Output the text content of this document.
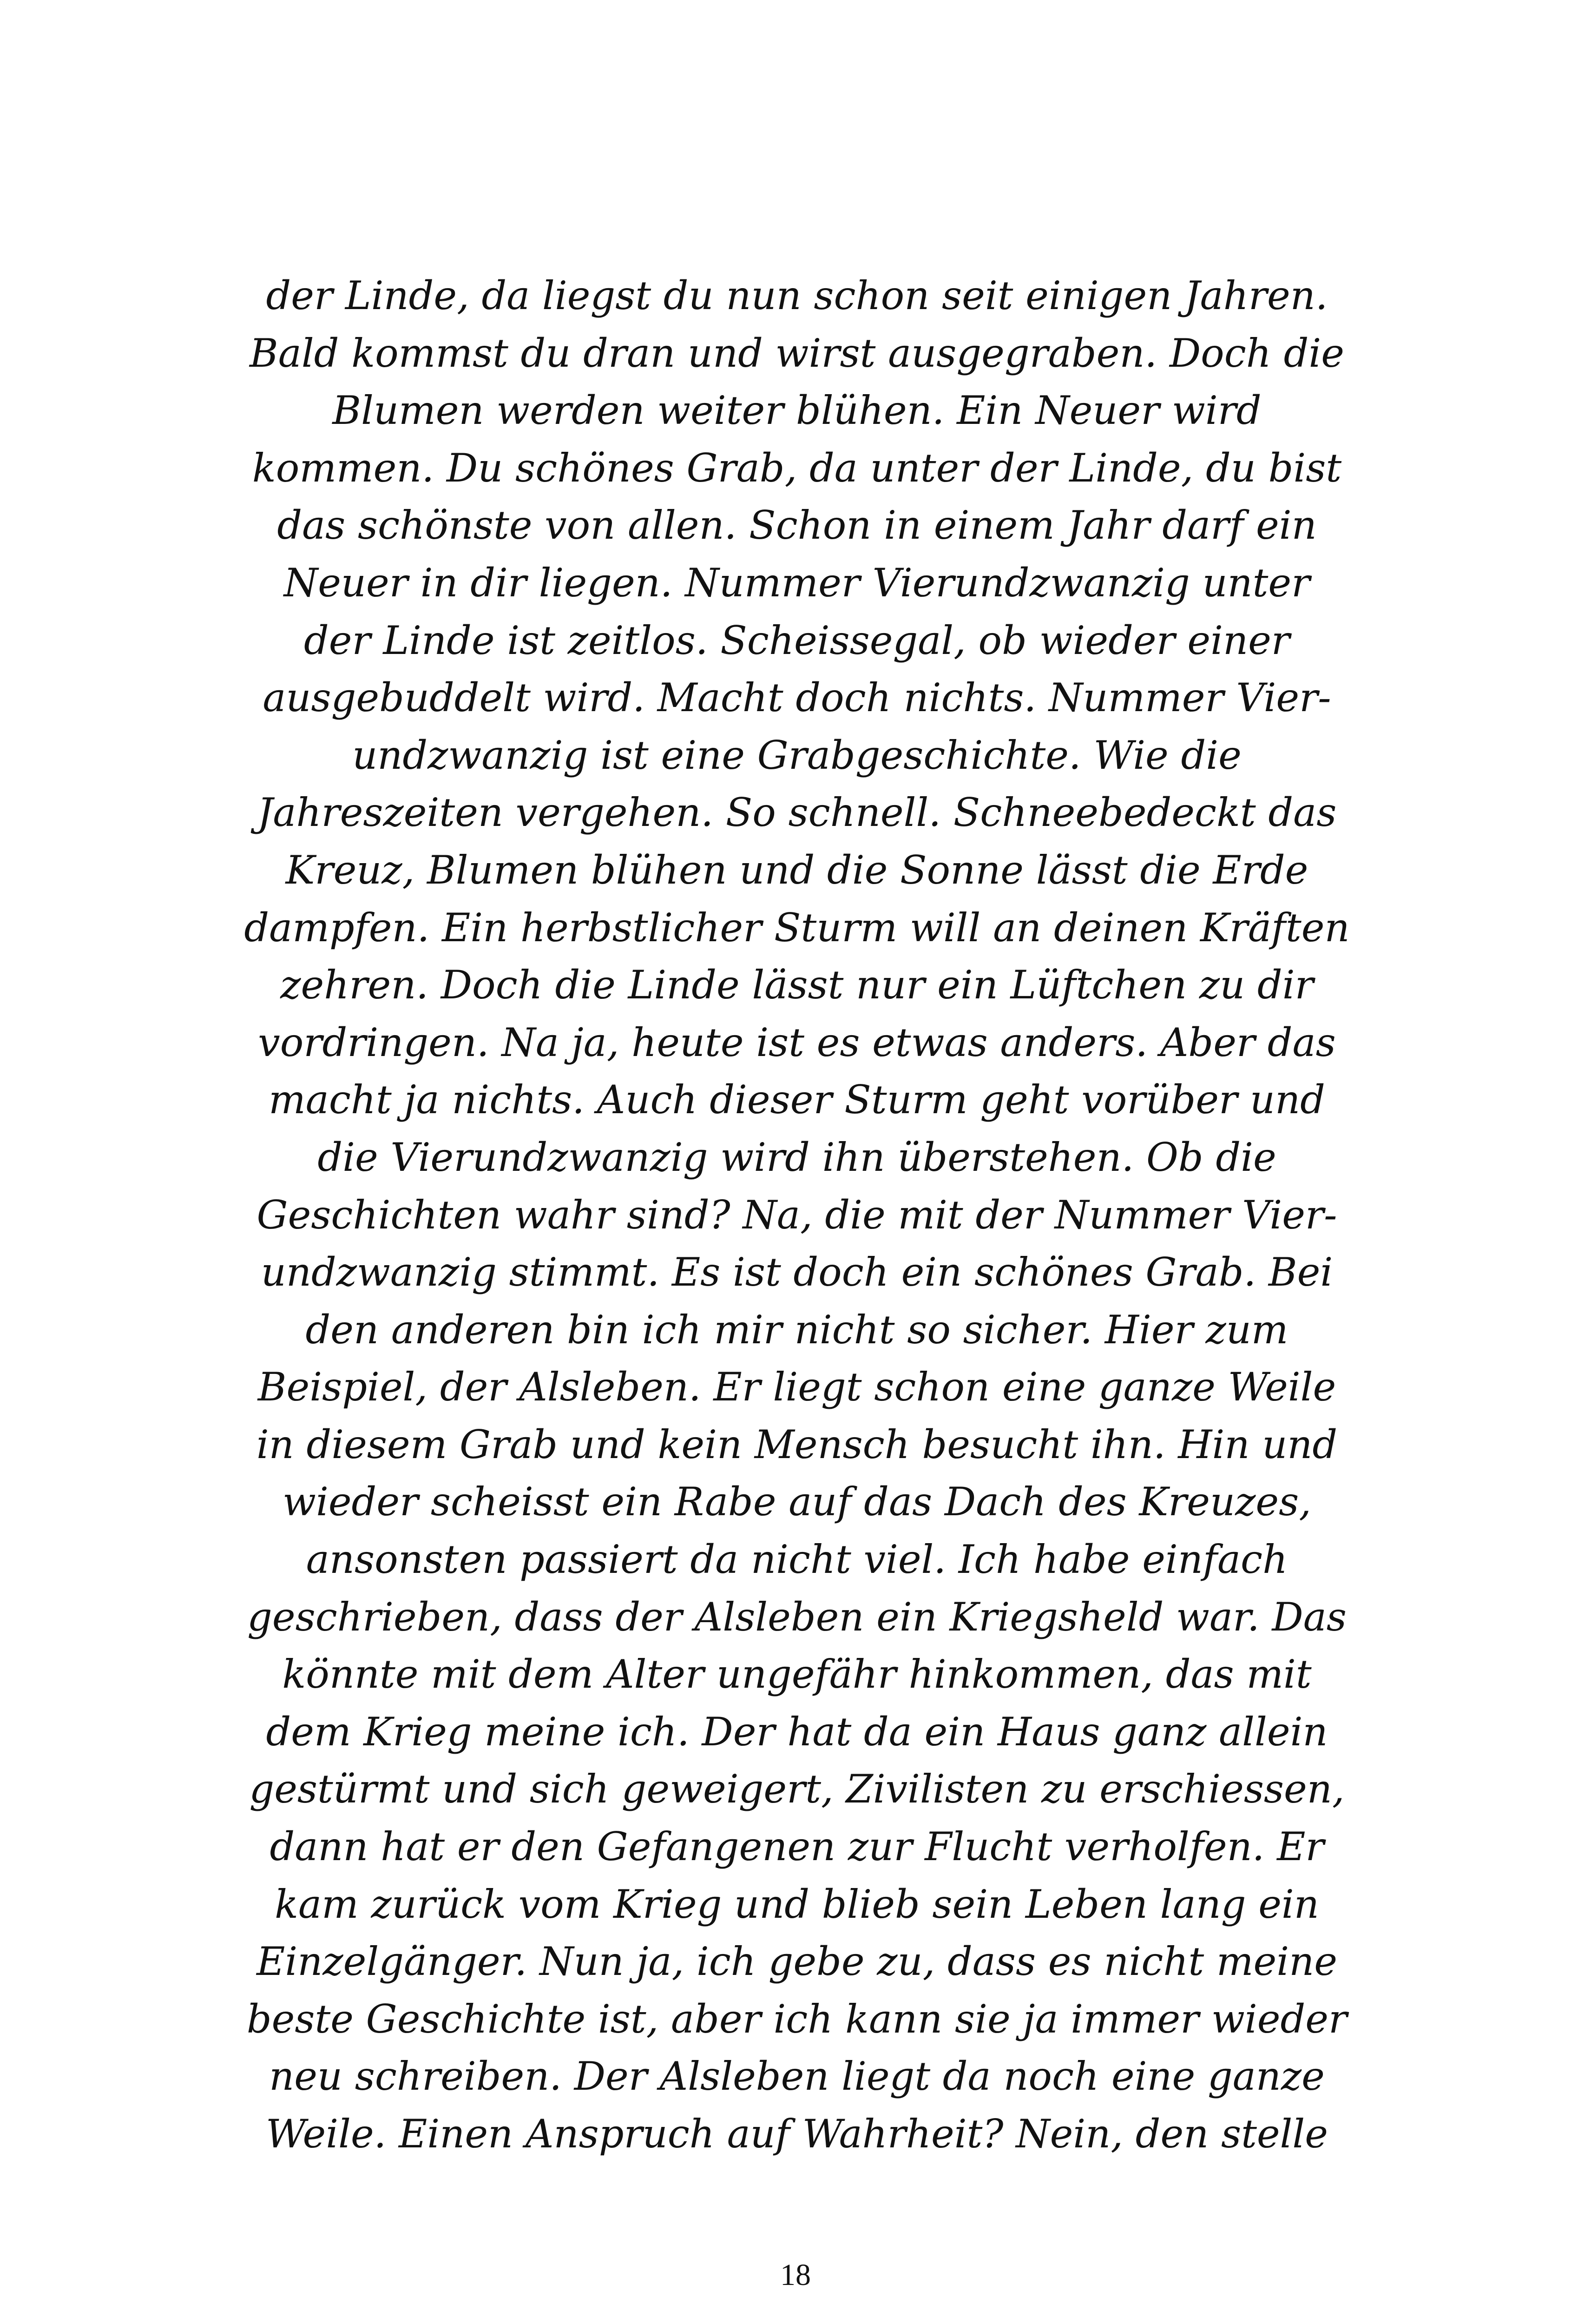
der Linde, da liegst du nun schon seit einigen Jahren.
Bald kommst du dran und wirst ausgegraben. Doch die
Blumen werden weiter blühen. Ein Neuer wird
kommen. Du schönes Grab, da unter der Linde, du bist
das schönste von allen. Schon in einem Jahr darf ein
Neuer in dir liegen. Nummer Vierundzwanzig unter
der Linde ist zeitlos. Scheissegal, ob wieder einer
ausgebuddelt wird. Macht doch nichts. Nummer Vier-
undzwanzig ist eine Grabgeschichte. Wie die
Jahreszeiten vergehen. So schnell. Schneebedeckt das
Kreuz, Blumen blühen und die Sonne lässt die Erde
dampfen. Ein herbstlicher Sturm will an deinen Kräften
zehren. Doch die Linde lässt nur ein Lüftchen zu dir
vordringen. Na ja, heute ist es etwas anders. Aber das
macht ja nichts. Auch dieser Sturm geht vorüber und
die Vierundzwanzig wird ihn überstehen. Ob die
Geschichten wahr sind? Na, die mit der Nummer Vier-
undzwanzig stimmt. Es ist doch ein schönes Grab. Bei
den anderen bin ich mir nicht so sicher. Hier zum
Beispiel, der Alsleben. Er liegt schon eine ganze Weile
in diesem Grab und kein Mensch besucht ihn. Hin und
wieder scheisst ein Rabe auf das Dach des Kreuzes,
ansonsten passiert da nicht viel. Ich habe einfach
geschrieben, dass der Alsleben ein Kriegsheld war. Das
könnte mit dem Alter ungefähr hinkommen, das mit
dem Krieg meine ich. Der hat da ein Haus ganz allein
gestürmt und sich geweigert, Zivilisten zu erschiessen,
dann hat er den Gefangenen zur Flucht verholfen. Er
kam zurück vom Krieg und blieb sein Leben lang ein
Einzelgänger. Nun ja, ich gebe zu, dass es nicht meine
beste Geschichte ist, aber ich kann sie ja immer wieder
neu schreiben. Der Alsleben liegt da noch eine ganze
Weile. Einen Anspruch auf Wahrheit? Nein, den stelle
18
